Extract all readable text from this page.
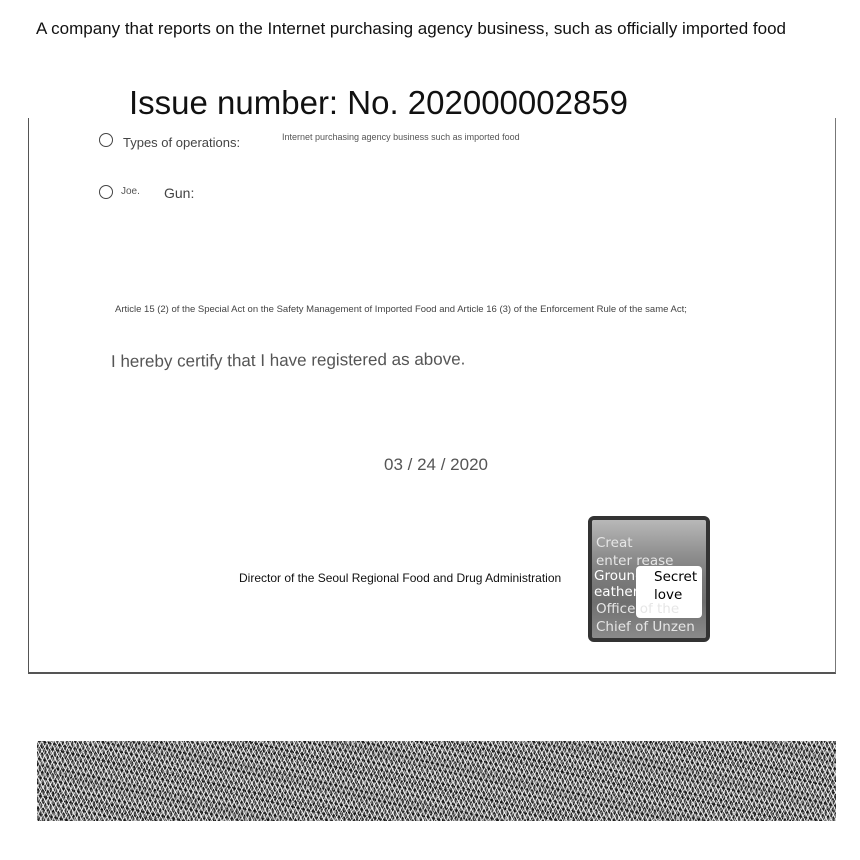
A company that reports on the Internet purchasing agency business, such as officially imported food
Issue number: No. 202000002859
Types of operations:	Internet purchasing agency business such as imported food
Joe. Gun:
Article 15 (2) of the Special Act on the Safety Management of Imported Food and Article 16 (3) of the Enforcement Rule of the same Act;
I hereby certify that I have registered as above.
03 / 24 / 2020
Director of the Seoul Regional Food and Drug Administration
Creat
enter rease
Ground
eather
Office of the
Chief of Unzen
Secret
love
